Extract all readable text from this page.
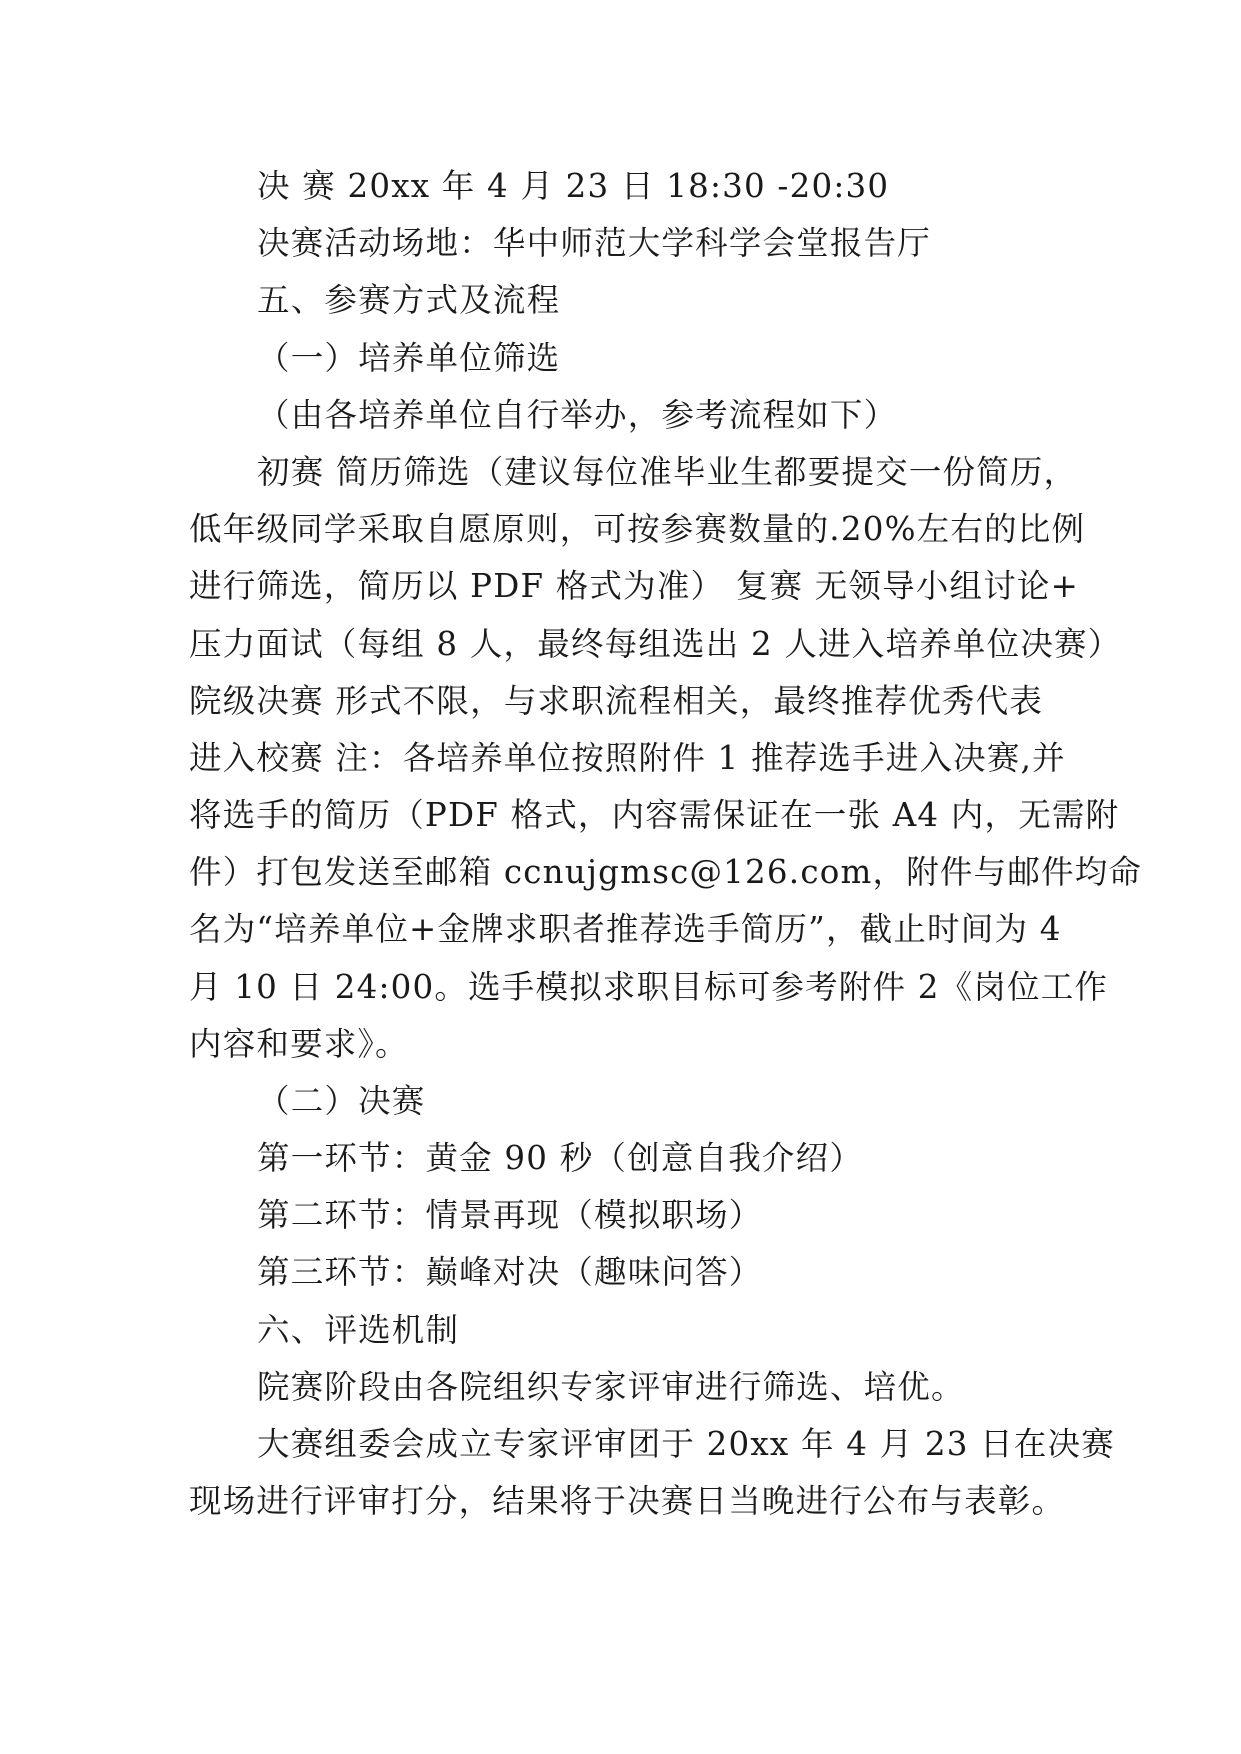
决 赛 20xx 年 4 月 23 日 18:30 -20:30
决赛活动场地：华中师范大学科学会堂报告厅
五、参赛方式及流程
（一）培养单位筛选
（由各培养单位自行举办，参考流程如下）
初赛 简历筛选（建议每位准毕业生都要提交一份简历，
低年级同学采取自愿原则，可按参赛数量的.20%左右的比例
进行筛选，简历以 PDF 格式为准） 复赛 无领导小组讨论+
压力面试（每组 8 人，最终每组选出 2 人进入培养单位决赛）
院级决赛 形式不限，与求职流程相关，最终推荐优秀代表
进入校赛 注：各培养单位按照附件 1 推荐选手进入决赛,并
将选手的简历（PDF 格式，内容需保证在一张 A4 内，无需附
件）打包发送至邮箱 ccnujgmsc@126.com，附件与邮件均命
名为“培养单位+金牌求职者推荐选手简历”，截止时间为 4
月 10 日 24:00。选手模拟求职目标可参考附件 2《岗位工作
内容和要求》。
（二）决赛
第一环节：黄金 90 秒（创意自我介绍）
第二环节：情景再现（模拟职场）
第三环节：巅峰对决（趣味问答）
六、评选机制
院赛阶段由各院组织专家评审进行筛选、培优。
大赛组委会成立专家评审团于 20xx 年 4 月 23 日在决赛
现场进行评审打分，结果将于决赛日当晚进行公布与表彰。
